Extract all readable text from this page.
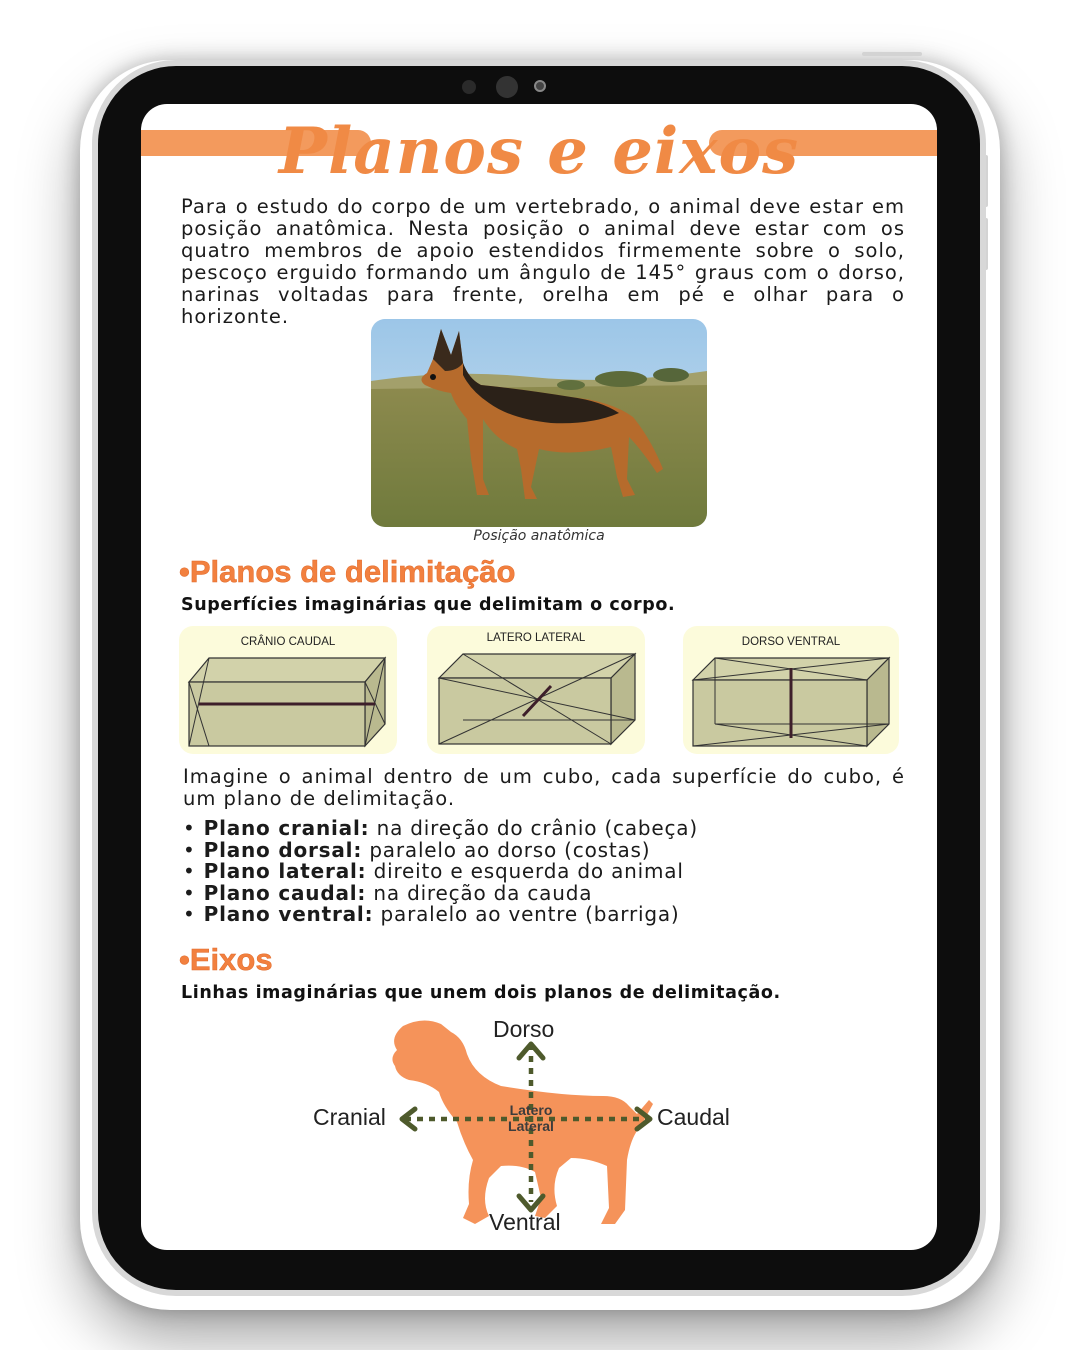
Planos e eixos

Para o estudo do corpo de um vertebrado, o animal deve estar em posição anatômica. Nesta posição o animal deve estar com os quatro membros de apoio estendidos firmemente sobre o solo, pescoço erguido formando um ângulo de 145° graus com o dorso, narinas voltadas para frente, orelha em pé e olhar para o horizonte.

Posição anatômica
•Planos de delimitação
Superfícies imaginárias que delimitam o corpo.
CRÂNIO CAUDAL	LATERO LATERAL	DORSO VENTRAL

Imagine o animal dentro de um cubo, cada superfície do cubo, é um plano de delimitação.

• Plano cranial: na direção do crânio (cabeça)
• Plano dorsal: paralelo ao dorso (costas)
• Plano lateral: direito e esquerda do animal
• Plano caudal: na direção da cauda
• Plano ventral: paralelo ao ventre (barriga)
•Eixos
Linhas imaginárias que unem dois planos de delimitação.
Dorso
Ventral
Cranial	Caudal
Latero
Lateral
